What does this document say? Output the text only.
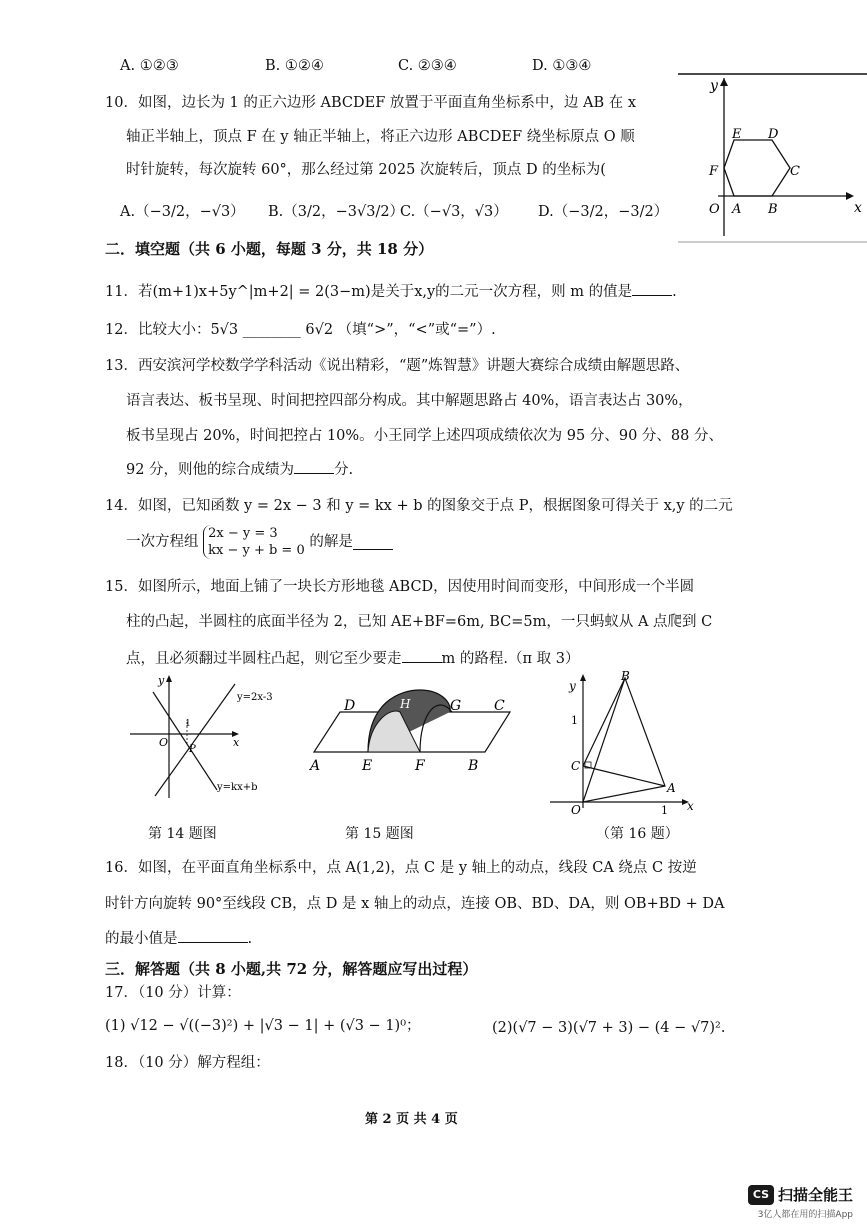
A. ①②③	B. ①②④	C. ②③④	D. ①③④
10．如图，边长为 1 的正六边形 ABCDEF 放置于平面直角坐标系中，边 AB 在 x
轴正半轴上，顶点 F 在 y 轴正半轴上，将正六边形 ABCDEF 绕坐标原点 O 顺
时针旋转，每次旋转 60°，那么经过第 2025 次旋转后，顶点 D 的坐标为(
A.（−3/2，−√3） B.（3/2，−3√3/2）
C.（−√3，√3） D.（−3/2，−3/2）
y
x
E D
F	C
O A B
二．填空题（共 6 小题，每题 3 分，共 18 分）
11．若(m+1)x+5y^|m+2| = 2(3−m)是关于x,y的二元一次方程，则 m 的值是	.
12．比较大小：5√3 ________ 6√2 （填“>”，“<”或“=”）.
13．西安滨河学校数学学科活动《说出精彩，“题”炼智慧》讲题大赛综合成绩由解题思路、
语言表达、板书呈现、时间把控四部分构成。其中解题思路占 40%，语言表达占 30%，
板书呈现占 20%，时间把控占 10%。小王同学上述四项成绩依次为 95 分、90 分、88 分、
92 分，则他的综合成绩为	分.
14．如图，已知函数 y = 2x − 3 和 y = kx + b 的图象交于点 P，根据图象可得关于 x,y 的二元
一次方程组
2x − y = 3
kx − y + b = 0
的解是
15．如图所示，地面上铺了一块长方形地毯 ABCD，因使用时间而变形，中间形成一个半圆
柱的凸起，半圆柱的底面半径为 2，已知 AE+BF=6m, BC=5m，一只蚂蚁从 A 点爬到 C
点，且必须翻过半圆柱凸起，则它至少要走	m 的路程.（π 取 3）
y
x
O
P
1
y=2x-3
y=kx+b
第 14 题图
D	H	G C
A	E	F	B
第 15 题图
y
x
B
C
A
O
1
1
（第 16 题）
16．如图，在平面直角坐标系中，点 A(1,2)，点 C 是 y 轴上的动点，线段 CA 绕点 C 按逆
时针方向旋转 90°至线段 CB，点 D 是 x 轴上的动点，连接 OB、BD、DA，则 OB+BD + DA
的最小值是	.
三．解答题（共 8 小题,共 72 分，解答题应写出过程）
17．（10 分）计算：
(1) √12 − √((−3)²) + |√3 − 1| + (√3 − 1)⁰；	(2)(√7 − 3)(√7 + 3) − (4 − √7)².
18．（10 分）解方程组：
第 2 页 共 4 页
CS 扫描全能王
3亿人都在用的扫描App
